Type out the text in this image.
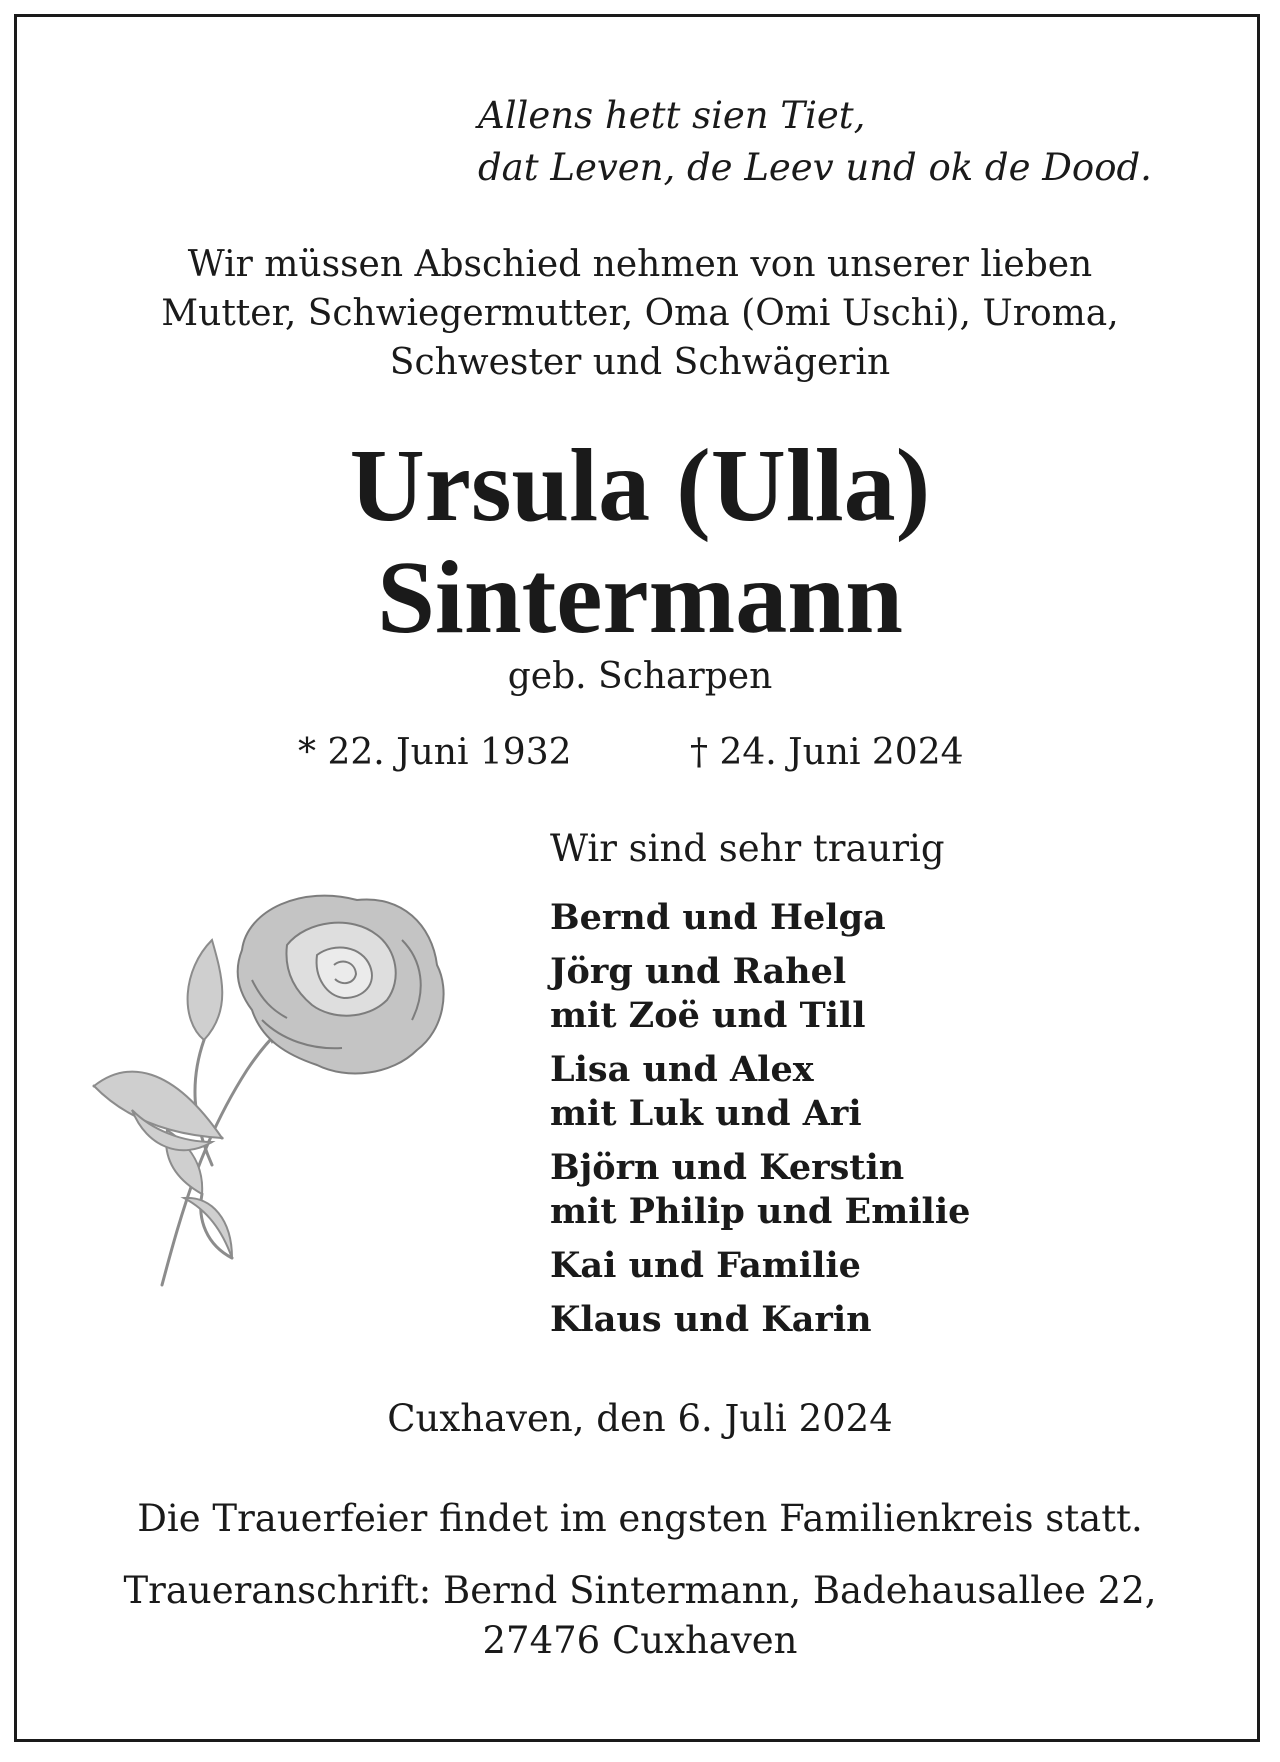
Allens hett sien Tiet,
dat Leven, de Leev und ok de Dood.
Wir müssen Abschied nehmen von unserer lieben
Mutter, Schwiegermutter, Oma (Omi Uschi), Uroma,
Schwester und Schwägerin
Ursula (Ulla)
Sintermann
geb. Scharpen
* 22. Juni 1932	† 24. Juni 2024
Wir sind sehr traurig
Bernd und Helga
Jörg und Rahel
mit Zoë und Till
Lisa und Alex
mit Luk und Ari
Björn und Kerstin
mit Philip und Emilie
Kai und Familie
Klaus und Karin
Cuxhaven, den 6. Juli 2024
Die Trauerfeier findet im engsten Familienkreis statt.
Traueranschrift: Bernd Sintermann, Badehausallee 22,
27476 Cuxhaven
